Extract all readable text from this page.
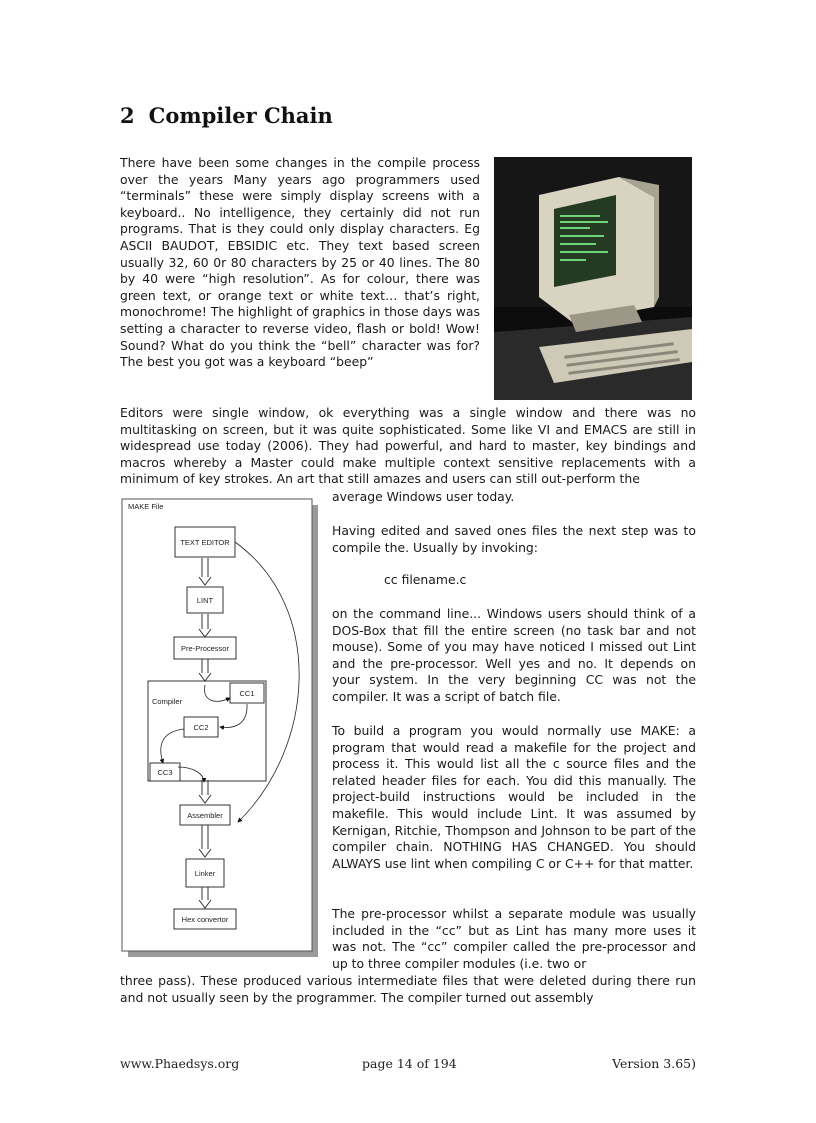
2 Compiler Chain

There have been some changes in the compile process over the years Many years ago programmers used “terminals” these were simply display screens with a keyboard.. No intelligence, they certainly did not run programs. That is they could only display characters. Eg ASCII BAUDOT, EBSIDIC etc. They text based screen usually 32, 60 0r 80 characters by 25 or 40 lines. The 80 by 40 were “high resolution”. As for colour, there was green text, or orange text or white text… that’s right, monochrome! The highlight of graphics in those days was setting a character to reverse video, flash or bold! Wow! Sound? What do you think the “bell” character was for? The best you got was a keyboard “beep”

Editors were single window, ok everything was a single window and there was no multitasking on screen, but it was quite sophisticated. Some like VI and EMACS are still in widespread use today (2006). They had powerful, and hard to master, key bindings and macros whereby a Master could make multiple context sensitive replacements with a minimum of key strokes. An art that still amazes and users can still out-perform the

MAKE File
TEXT EDITOR
LINT
Pre-Processor
Compiler
CC1
CC2
CC3
Assembler
Linker
Hex convertor

average Windows user today.

Having edited and saved ones files the next step was to compile the. Usually by invoking:

cc filename.c

on the command line... Windows users should think of a DOS-Box that fill the entire screen (no task bar and not mouse). Some of you may have noticed I missed out Lint and the pre-processor. Well yes and no. It depends on your system. In the very beginning CC was not the compiler. It was a script of batch file.

To build a program you would normally use MAKE: a program that would read a makefile for the project and process it. This would list all the c source files and the related header files for each. You did this manually. The project-build instructions would be included in the makefile. This would include Lint. It was assumed by Kernigan, Ritchie, Thompson and Johnson to be part of the compiler chain. NOTHING HAS CHANGED. You should ALWAYS use lint when compiling C or C++ for that matter.

The pre-processor whilst a separate module was usually included in the “cc” but as Lint has many more uses it was not. The “cc” compiler called the pre-processor and up to three compiler modules (i.e. two or

three pass). These produced various intermediate files that were deleted during there run and not usually seen by the programmer. The compiler turned out assembly

www.Phaedsys.org	page 14 of 194	Version 3.65)
